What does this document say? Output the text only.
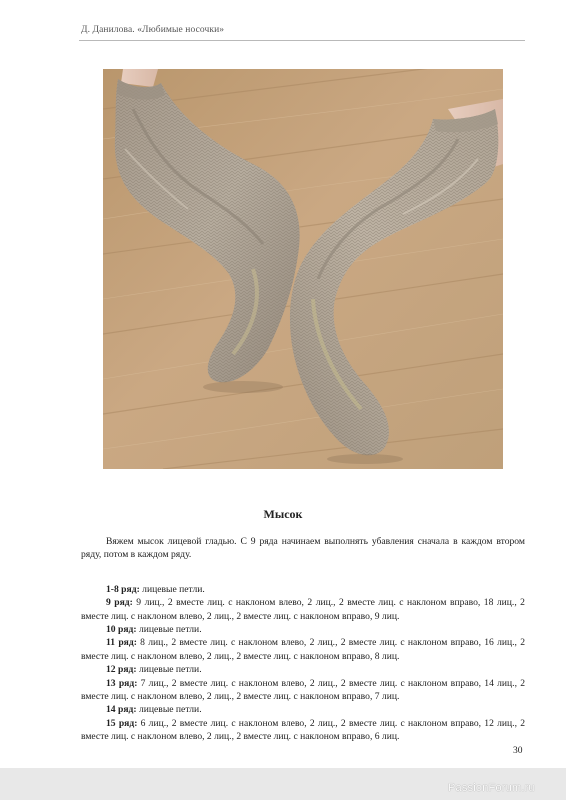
Д. Данилова. «Любимые носочки»
Мысок

Вяжем мысок лицевой гладью. С 9 ряда начинаем выполнять убавления сначала в каждом втором ряду, потом в каждом ряду.

1-8 ряд: лицевые петли.

9 ряд: 9 лиц., 2 вместе лиц. с наклоном влево, 2 лиц., 2 вместе лиц. с наклоном вправо, 18 лиц., 2 вместе лиц. с наклоном влево, 2 лиц., 2 вместе лиц. с наклоном вправо, 9 лиц.

10 ряд: лицевые петли.

11 ряд: 8 лиц., 2 вместе лиц. с наклоном влево, 2 лиц., 2 вместе лиц. с наклоном вправо, 16 лиц., 2 вместе лиц. с наклоном влево, 2 лиц., 2 вместе лиц. с наклоном вправо, 8 лиц.

12 ряд: лицевые петли.

13 ряд: 7 лиц., 2 вместе лиц. с наклоном влево, 2 лиц., 2 вместе лиц. с наклоном вправо, 14 лиц., 2 вместе лиц. с наклоном влево, 2 лиц., 2 вместе лиц. с наклоном вправо, 7 лиц.

14 ряд: лицевые петли.

15 ряд: 6 лиц., 2 вместе лиц. с наклоном влево, 2 лиц., 2 вместе лиц. с наклоном вправо, 12 лиц., 2 вместе лиц. с наклоном влево, 2 лиц., 2 вместе лиц. с наклоном вправо, 6 лиц.

30
PassionForum.ru
